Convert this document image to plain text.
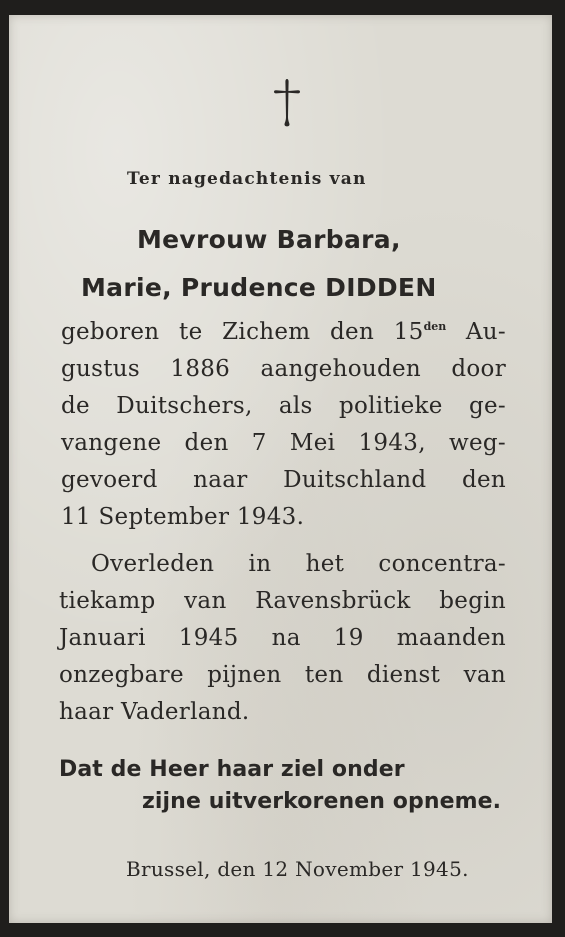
Ter nagedachtenis van

Mevrouw Barbara,

Marie, Prudence DIDDEN

geboren te Zichem den $15^{den}$ Au-

gustus 1886 aangehouden door

de Duitschers, als politieke ge-

vangene den 7 Mei 1943, weg-

gevoerd naar Duitschland den

11 September 1943.

Overleden in het concentra-

tiekamp van Ravensbrück begin

Januari 1945 na 19 maanden

onzegbare pijnen ten dienst van

haar Vaderland.

Dat de Heer haar ziel onder

zijne uitverkorenen opneme.

Brussel, den 12 November 1945.
